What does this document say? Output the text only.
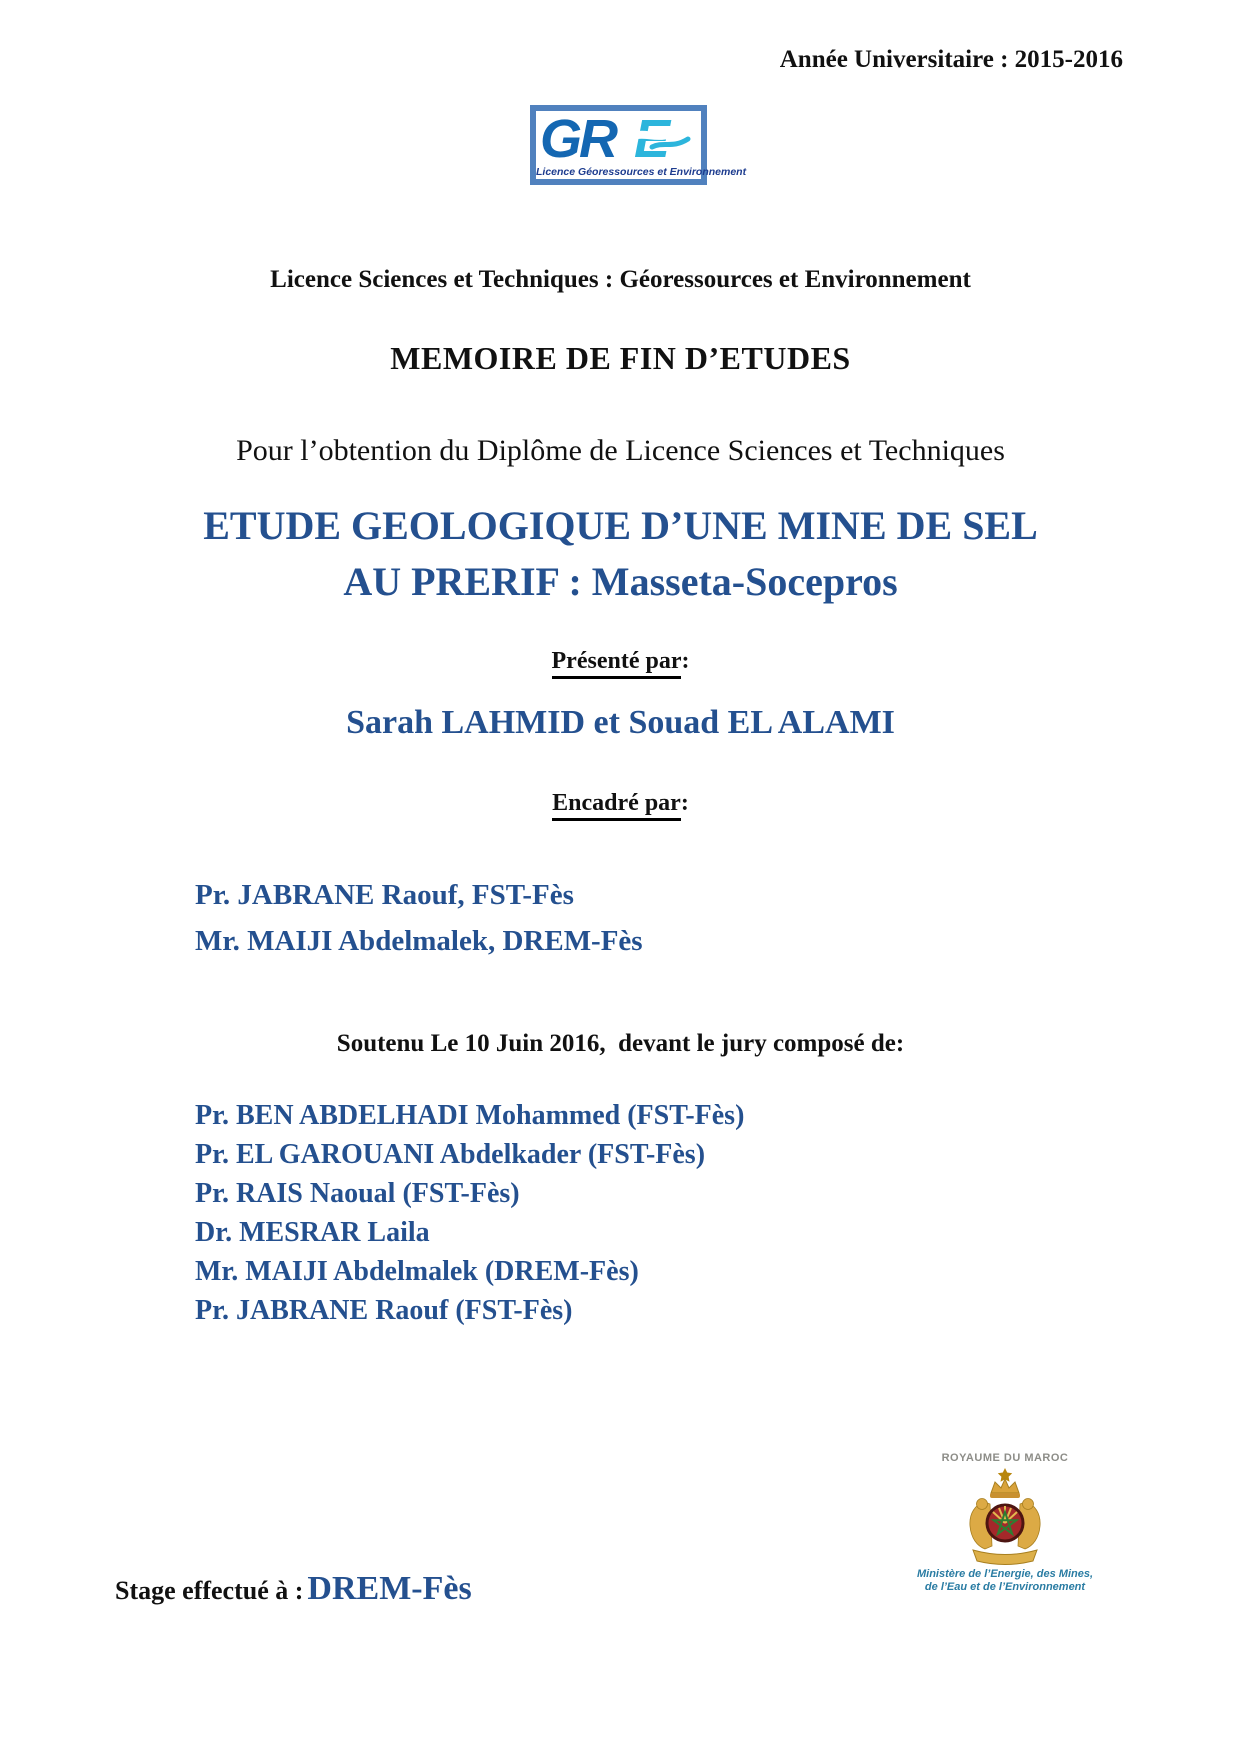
Année Universitaire : 2015-2016
GR E
Licence Géoressources et Environnement
Licence Sciences et Techniques : Géoressources et Environnement
MEMOIRE DE FIN D’ETUDES
Pour l’obtention du Diplôme de Licence Sciences et Techniques
ETUDE GEOLOGIQUE D’UNE MINE DE SEL
AU PRERIF : Masseta-Socepros
Présenté par:
Sarah LAHMID et Souad EL ALAMI
Encadré par:
Pr. JABRANE Raouf, FST-Fès
Mr. MAIJI Abdelmalek, DREM-Fès
Soutenu Le 10 Juin 2016,  devant le jury composé de:
Pr. BEN ABDELHADI Mohammed (FST-Fès)
Pr. EL GAROUANI Abdelkader (FST-Fès)
Pr. RAIS Naoual (FST-Fès)
Dr. MESRAR Laila
Mr. MAIJI Abdelmalek (DREM-Fès)
Pr. JABRANE Raouf (FST-Fès)
ROYAUME DU MAROC
Ministère de l’Energie, des Mines,
de l’Eau et de l’Environnement
Stage effectué à : DREM-Fès
